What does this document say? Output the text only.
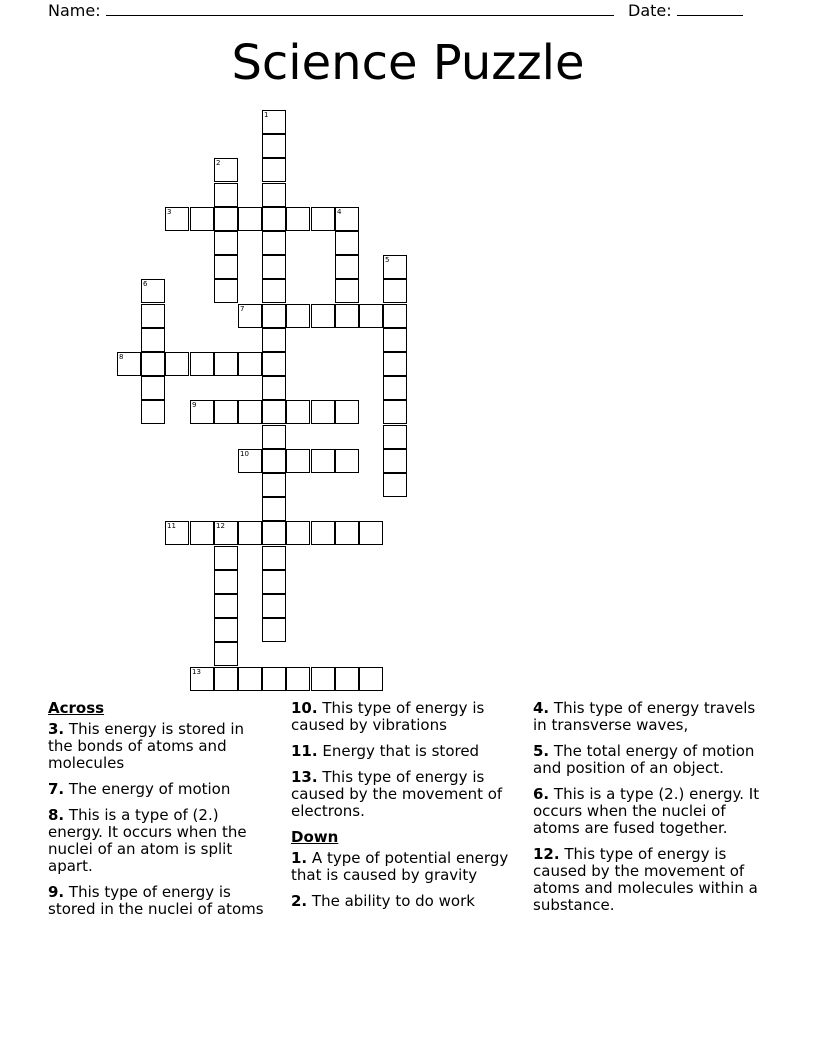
Name:	Date:
Science Puzzle
1
2
3	4
5
6
7
8
9
10
11	12
13
Across
3. This energy is stored in the bonds of atoms and molecules
7. The energy of motion
8. This is a type of (2.) energy. It occurs when the nuclei of an atom is split apart.
9. This type of energy is stored in the nuclei of atoms
10. This type of energy is caused by vibrations
11. Energy that is stored
13. This type of energy is caused by the movement of electrons.
Down
1. A type of potential energy that is caused by gravity
2. The ability to do work
4. This type of energy travels in transverse waves,
5. The total energy of motion and position of an object.
6. This is a type (2.) energy. It occurs when the nuclei of atoms are fused together.
12. This type of energy is caused by the movement of atoms and molecules within a substance.
